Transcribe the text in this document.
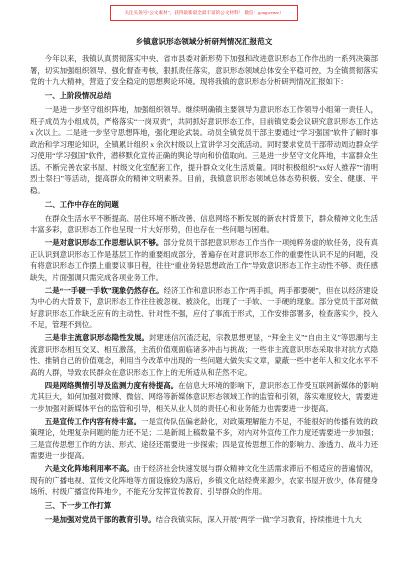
关注头条号“公文素材”，获得最新最全最丰富的公文材料！ 微信：gongwenzz）
乡镇意识形态领域分析研判情况汇报范文

今年以来，我镇认真贯彻落实中央、省市县委对新形势下加强和改进意识形态工作作出的一系列决策部署，切实加强组织领导、强化督查考核，狠抓责任落实，意识形态领域总体安全平稳可控，为全镇贯彻落实党的十九大精神，营造了安全稳定的思想舆论环境。现将我镇的意识形态分析研判情况汇报如下：

一、上阶段情况总结

一是进一步坚守组织阵地，加强组织领导。继续明确镇主要领导为意识形态工作领导小组第一责任人，班子成员为小组成员，严格落实“一岗双责”，共同抓好意识形态工作，目前镇党委会议研究意识形态工作达 x 次以上。二是进一步坚守思想阵地，强化理论武装。动员全镇党员干部主要通过“学习强国”软件了解时事政治和学习理论知识，全镇累计组织 x 余次村级以上宣讲学习交流活动。同时要求党员干部带动周边群众学习使用“学习强国”软件，潜移默化宣传正确的舆论导向和价值取向。三是进一步坚守文化阵地，丰富群众生活。不断完善农家书屋、村级文化室配套工作，提升群众文化生活质量。同时积极组织“xx好人推荐”“清明烈士祭扫”等活动，提高群众的精神文明素养。目前，我镇意识形态领域总体态势积极、安全、健康、平稳。

二、工作中存在的问题

在群众生活水平不断提高、居住环境不断改善、信息网络不断发展的新农村背景下，群众精神文化生活丰富多彩，意识形态工作也呈现一片大好形势，但也存在一些问题与困难。

一是对意识形态工作思想认识不够。部分党员干部把意识形态工作当作一项纯粹务虚的软任务，没有真正认识到意识形态工作是基层工作的重要组成部分，普遍存在对意识形态工作的重要性认识不足的问题，没有将意识形态工作摆上重要议事日程，往往“重业务轻思想政治工作”导致意识形态工作主动性不够、责任感缺失，片面强调只需完成各项业务工作。

二是“一手硬一手软”现象仍然存在。经济工作和意识形态工作“两手抓，两手都要硬”，但在以经济建设为中心的大背景下，意识形态工作往往被忽视、被淡化，出现了一手软、一手硬的现象。部分党员干部对做好意识形态工作缺乏应有的主动性、针对性不强，应付了事流于形式，工作安排部署多，检查落实少，投入不足，管理不到位。

三是非主流意识形态隐性发展。封建迷信沉渣泛起，宗教思想更显，“拜金主义”“自由主义”等思潮与主流意识形态相互交叉、相互激荡，主流价值观面临诸多冲击与挑战；一些非主流意识形态采取非对抗方式隐性、推销自己的价值观念，利用当今改革中出现的一些问题大做失实文章，蒙蔽一些中老年人和文化水平不高的人群，导致农民群众在意识形态工作上的无所适从和茫然不定。

四是网络舆情引导及监测力度有待提高。在信息大环境的影响下，意识形态工作受互联网新媒体的影响尤其巨大，如何加强对微博、微信、网络等新媒体意识形态领域工作的监管和引领，落实难度较大，需要进一步加强对新媒体平台的监管和引导，相关从业人员的责任心和业务能力也需要进一步提高。

五是宣传工作内容有待丰富。一是宣传队伍偏老龄化，对政策理解能力不足，不能很好的传播有效的政策理论，处理复杂问题的能力还不足；二是新闻上稿数量不多，对内对外宣传工作力度还需要进一步加强；三是宣传思想工作的方法、形式、途径还需要进一步探索；四是宣传思想工作的影响力、渗透力、战斗力还需要进一步提高。

六是文化阵地利用率不高。由于经济社会快速发展与群众精神文化生活需求滞后不相适应的普遍情况，现有的广播电视、宣传文化阵地等方面设施较为落后，乡镇文化站经费来源少，农家书屋开放少，体育健身场所、村级广播宣传阵地少，不能充分发挥宣传教育、引导群众的作用。

三、下一步工作打算

一是加强对党员干部的教育引导。结合我镇实际，深入开展“两学一做”学习教育，持续推进十九大
